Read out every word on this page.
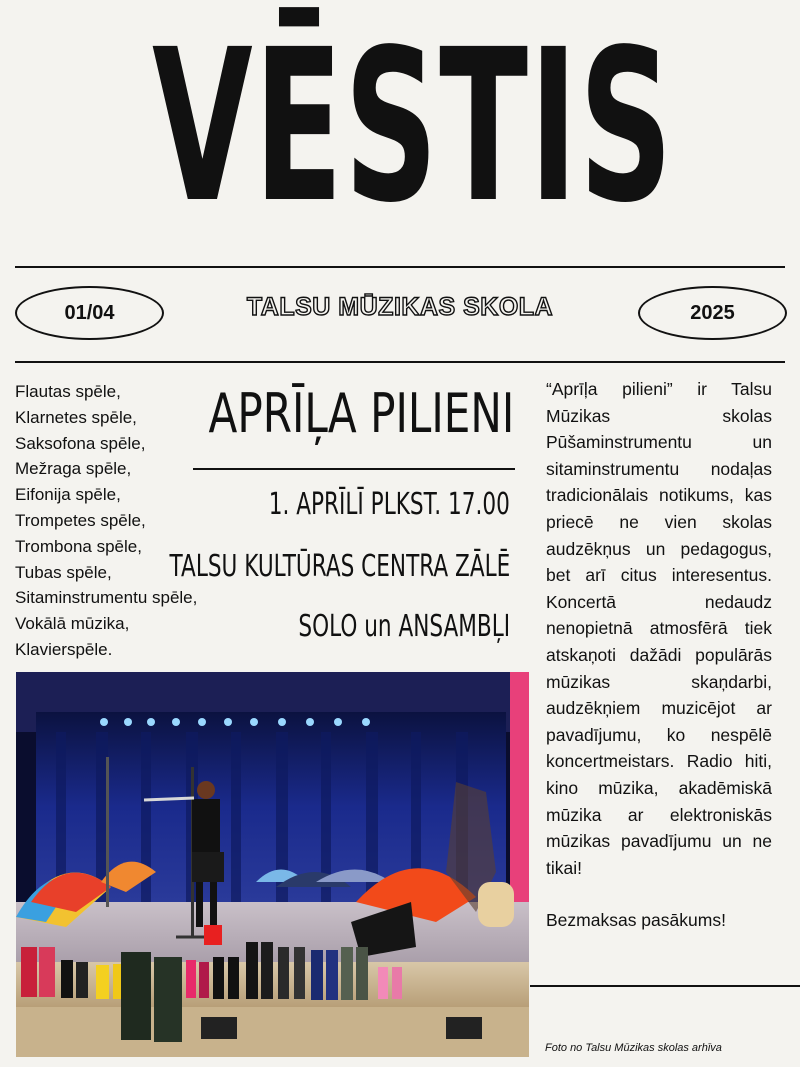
VĒSTIS
01/04	TALSU MŪZIKAS SKOLA	2025
Flautas spēle,
Klarnetes spēle,
Saksofona spēle,
Mežraga spēle,
Eifonija spēle,
Trompetes spēle,
Trombona spēle,
Tubas spēle,
Sitaminstrumentu spēle,
Vokālā mūzika,
Klavierspēle.
APRĪĻA PILIENI
1. APRĪLĪ PLKST. 17.00
TALSU KULTŪRAS CENTRA ZĀLĒ
SOLO un ANSAMBĻI

“Aprīļa pilieni” ir Talsu Mūzikas skolas Pūšaminstrumentu un sitaminstrumentu nodaļas tradicionālais notikums, kas priecē ne vien skolas audzēkņus un pedagogus, bet arī citus interesentus. Koncertā nedaudz nenopietnā atmosfērā tiek atskaņoti dažādi populārās mūzikas skaņdarbi, audzēkņiem muzicējot ar pavadījumu, ko nespēlē koncertmeistars. Radio hiti, kino mūzika, akadēmiskā mūzika ar elektroniskās mūzikas pavadījumu un ne tikai!

Bezmaksas pasākums!

Foto no Talsu Mūzikas skolas arhīva
